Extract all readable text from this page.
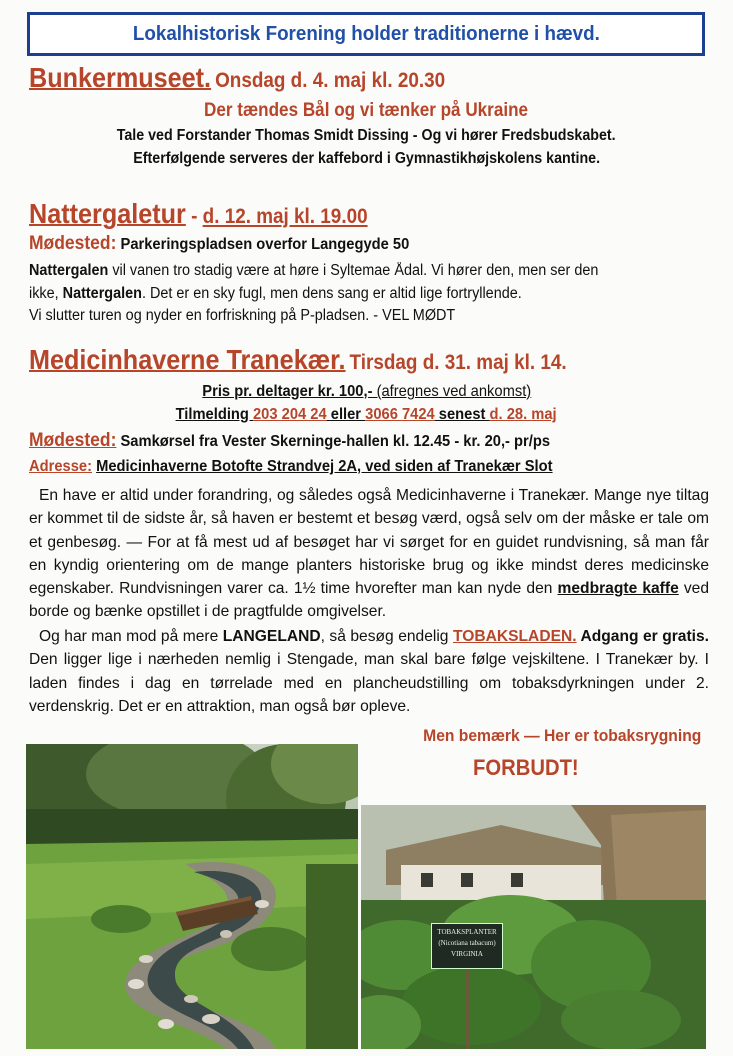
Lokalhistorisk Forening holder traditionerne i hævd.
Bunkermuseet. Onsdag d. 4. maj kl. 20.30
Der tændes Bål og vi tænker på Ukraine
Tale ved Forstander Thomas Smidt Dissing - Og vi hører Fredsbudskabet.
Efterfølgende serveres der kaffebord i Gymnastikhøjskolens kantine.
Nattergaletur - d. 12. maj kl. 19.00
Mødested: Parkeringspladsen overfor Langegyde 50
Nattergalen vil vanen tro stadig være at høre i Syltemae Ådal. Vi hører den, men ser den
ikke, Nattergalen. Det er en sky fugl, men dens sang er altid lige fortryllende.
Vi slutter turen og nyder en forfriskning på P-pladsen. - VEL MØDT
Medicinhaverne Tranekær. Tirsdag d. 31. maj kl. 14.
Pris pr. deltager kr. 100,- (afregnes ved ankomst)
Tilmelding 203 204 24 eller 3066 7424 senest d. 28. maj
Mødested: Samkørsel fra Vester Skerninge-hallen kl. 12.45 - kr. 20,- pr/ps
Adresse: Medicinhaverne Botofte Strandvej 2A, ved siden af Tranekær Slot
En have er altid under forandring, og således også Medicinhaverne i Tranekær. Mange nye tiltag er kommet til de sidste år, så haven er bestemt et besøg værd, også selv om der måske er tale om et genbesøg. — For at få mest ud af besøget har vi sørget for en guidet rundvisning, så man får en kyndig orientering om de mange planters historiske brug og ikke mindst deres medicinske egenskaber. Rundvisningen varer ca. 1½ time hvorefter man kan nyde den medbragte kaffe ved borde og bænke opstillet i de pragtfulde omgivelser.
Og har man mod på mere LANGELAND, så besøg endelig TOBAKSLADEN. Adgang er gratis. Den ligger lige i nærheden nemlig i Stengade, man skal bare følge vejskiltene. I Tranekær by. I laden findes i dag en tørrelade med en plancheudstilling om tobaksdyrkningen under 2. verdenskrig. Det er en attraktion, man også bør opleve.
Men bemærk — Her er tobaksrygning
FORBUDT!
TOBAKSPLANTER
(Nicotiana tabacum)
VIRGINIA
